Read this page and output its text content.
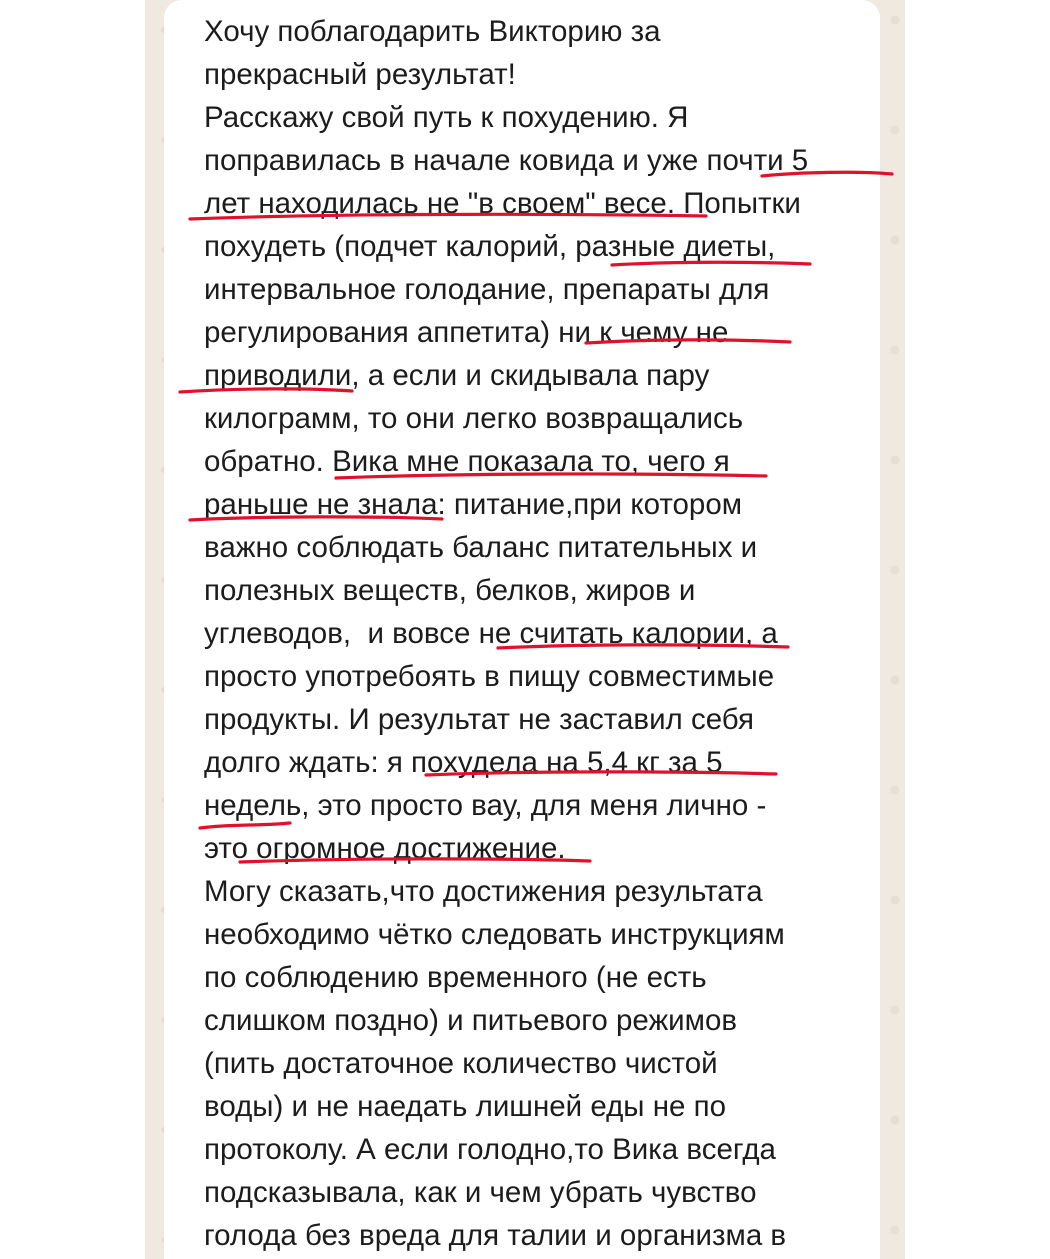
Хочу поблагодарить Викторию за
прекрасный результат!
Расскажу свой путь к похудению. Я
поправилась в начале ковида и уже почти 5
лет находилась не "в своем" весе. Попытки
похудеть (подчет калорий, разные диеты,
интервальное голодание, препараты для
регулирования аппетита) ни к чему не
приводили, а если и скидывала пару
килограмм, то они легко возвращались
обратно. Вика мне показала то, чего я
раньше не знала: питание,при котором
важно соблюдать баланс питательных и
полезных веществ, белков, жиров и
углеводов,  и вовсе не считать калории, а
просто употребоять в пищу совместимые
продукты. И результат не заставил себя
долго ждать: я похудела на 5,4 кг за 5
недель, это просто вау, для меня лично -
это огромное достижение.
Могу сказать,что достижения результата
необходимо чётко следовать инструкциям
по соблюдению временного (не есть
слишком поздно) и питьевого режимов
(пить достаточное количество чистой
воды) и не наедать лишней еды не по
протоколу. А если голодно,то Вика всегда
подсказывала, как и чем убрать чувство
голода без вреда для талии и организма в
